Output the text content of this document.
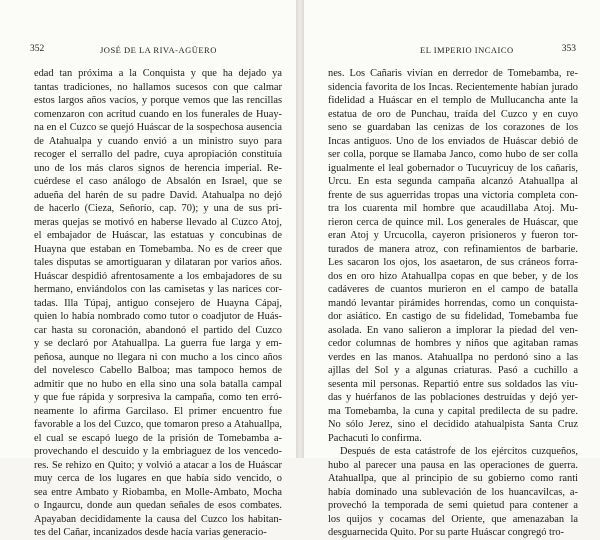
352	JOSÉ DE LA RIVA-AGÜERO
edad tan próxima a la Conquista y que ha dejado ya
tantas tradiciones, no hallamos sucesos con que calmar
estos largos años vacíos, y porque vemos que las rencillas
comenzaron con acritud cuando en los funerales de Huay-
na en el Cuzco se quejó Huáscar de la sospechosa ausencia
de Atahualpa y cuando envió a un ministro suyo para
recoger el serrallo del padre, cuya apropiación constituía
uno de los más claros signos de herencia imperial. Re-
cuérdese el caso análogo de Absalón en Israel, que se
adueña del harén de su padre David. Atahualpa no dejó
de hacerlo (Cieza, Señorío, cap. 70); y una de sus pri-
meras quejas se motivó en haberse llevado al Cuzco Atoj,
el embajador de Huáscar, las estatuas y concubinas de
Huayna que estaban en Tomebamba. No es de creer que
tales disputas se amortiguaran y dilataran por varios años.
Huáscar despidió afrentosamente a los embajadores de su
hermano, enviándolos con las camisetas y las narices cor-
tadas. Illa Túpaj, antiguo consejero de Huayna Cápaj,
quien lo había nombrado como tutor o coadjutor de Huás-
car hasta su coronación, abandonó el partido del Cuzco
y se declaró por Atahuallpa. La guerra fue larga y em-
peñosa, aunque no llegara ni con mucho a los cinco años
del novelesco Cabello Balboa; mas tampoco hemos de
admitir que no hubo en ella sino una sola batalla campal
y que fue rápida y sorpresiva la campaña, como ten erró-
neamente lo afirma Garcilaso. El primer encuentro fue
favorable a los del Cuzco, que tomaron preso a Atahuallpa,
el cual se escapó luego de la prisión de Tomebamba a-
provechando el descuido y la embriaguez de los vencedo-
res. Se rehizo en Quito; y volvió a atacar a los de Huáscar
muy cerca de los lugares en que había sido vencido, o
sea entre Ambato y Riobamba, en Molle-Ambato, Mocha
o Ingaurcu, donde aun quedan señales de esos combates.
Apayaban decididamente la causa del Cuzco los habitan-
tes del Cañar, incanizados desde hacía varias generacio-
EL IMPERIO INCAICO	353
nes. Los Cañaris vivían en derredor de Tomebamba, re-
sidencia favorita de los Incas. Recientemente habían jurado
fidelidad a Huáscar en el templo de Mullucancha ante la
estatua de oro de Punchau, traída del Cuzco y en cuyo
seno se guardaban las cenizas de los corazones de los
Incas antiguos. Uno de los enviados de Huáscar debió de
ser colla, porque se llamaba Janco, como hubo de ser colla
igualmente el leal gobernador o Tucuyricuy de los cañaris,
Urcu. En esta segunda campaña alcanzó Atahuallpa al
frente de sus aguerridas tropas una victoria completa con-
tra los cuarenta mil hombre que acaudillaba Atoj. Mu-
rieron cerca de quince mil. Los generales de Huáscar, que
eran Atoj y Urcucolla, cayeron prisioneros y fueron tor-
turados de manera atroz, con refinamientos de barbarie.
Les sacaron los ojos, los asaetaron, de sus cráneos forra-
dos en oro hizo Atahuallpa copas en que beber, y de los
cadáveres de cuantos murieron en el campo de batalla
mandó levantar pirámides horrendas, como un conquista-
dor asiático. En castigo de su fidelidad, Tomebamba fue
asolada. En vano salieron a implorar la piedad del ven-
cedor columnas de hombres y niños que agitaban ramas
verdes en las manos. Atahuallpa no perdonó sino a las
ajllas del Sol y a algunas criaturas. Pasó a cuchillo a
sesenta mil personas. Repartió entre sus soldados las viu-
das y huérfanos de las poblaciones destruídas y dejó yer-
ma Tomebamba, la cuna y capital predilecta de su padre.
No sólo Jerez, sino el decidido atahualpista Santa Cruz
Pachacuti lo confirma.
Después de esta catástrofe de los ejércitos cuzqueños,
hubo al parecer una pausa en las operaciones de guerra.
Atahuallpa, que al principio de su gobierno como ranti
había dominado una sublevación de los huancavilcas, a-
provechó la temporada de semi quietud para contener a
los quijos y cocamas del Oriente, que amenazaban la
desguarnecida Quito. Por su parte Huáscar congregó tro-
